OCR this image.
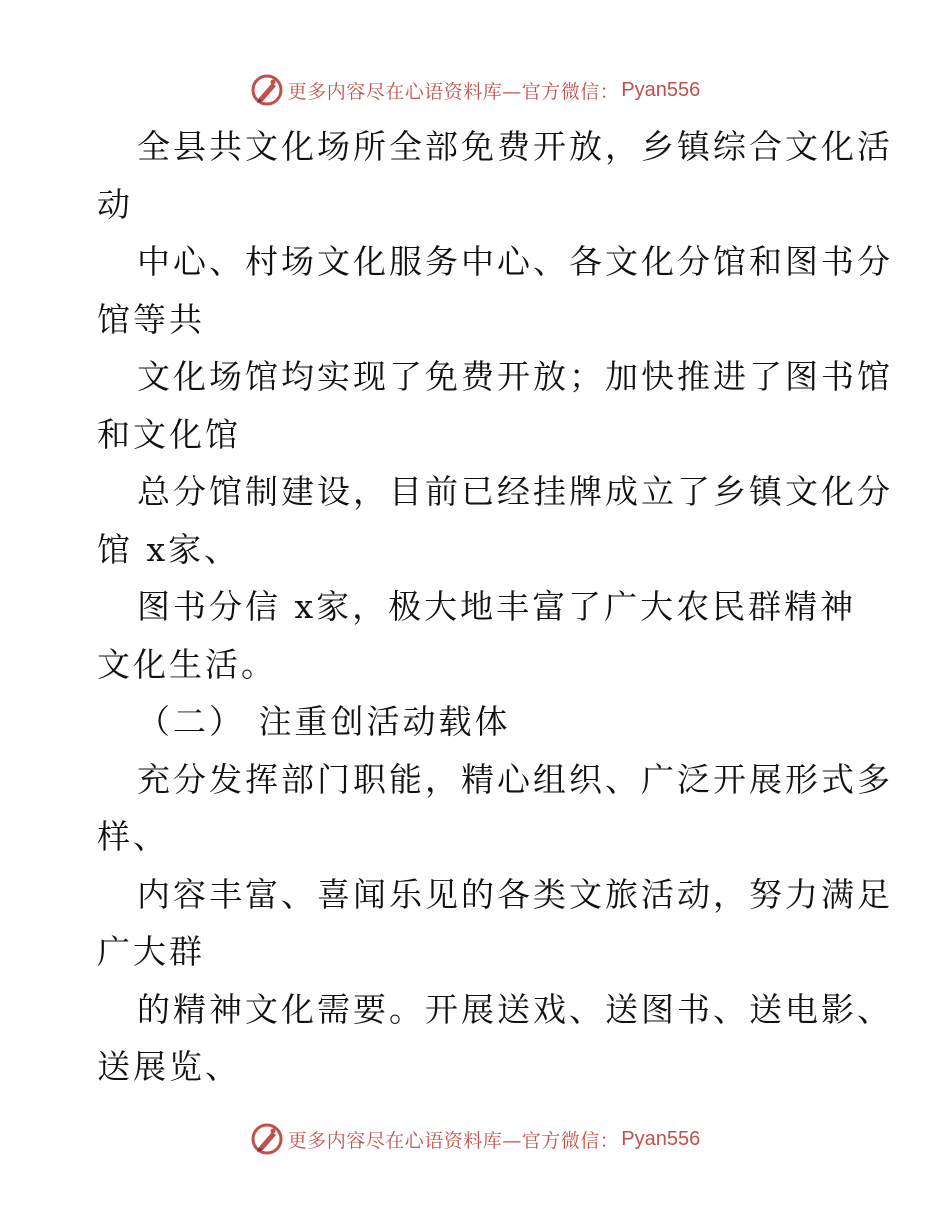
更多内容尽在心语资料库—官方微信： Pyan556

全县共文化场所全部免费开放，乡镇综合文化活

动

中心、村场文化服务中心、各文化分馆和图书分

馆等共

文化场馆均实现了免费开放；加快推进了图书馆

和文化馆

总分馆制建设，目前已经挂牌成立了乡镇文化分

馆 x家、

图书分信 x家，极大地丰富了广大农民群精神

文化生活。

（二） 注重创活动载体

充分发挥部门职能，精心组织、广泛开展形式多

样、

内容丰富、喜闻乐见的各类文旅活动，努力满足

广大群

的精神文化需要。开展送戏、送图书、送电影、

送展览、

更多内容尽在心语资料库—官方微信： Pyan556
